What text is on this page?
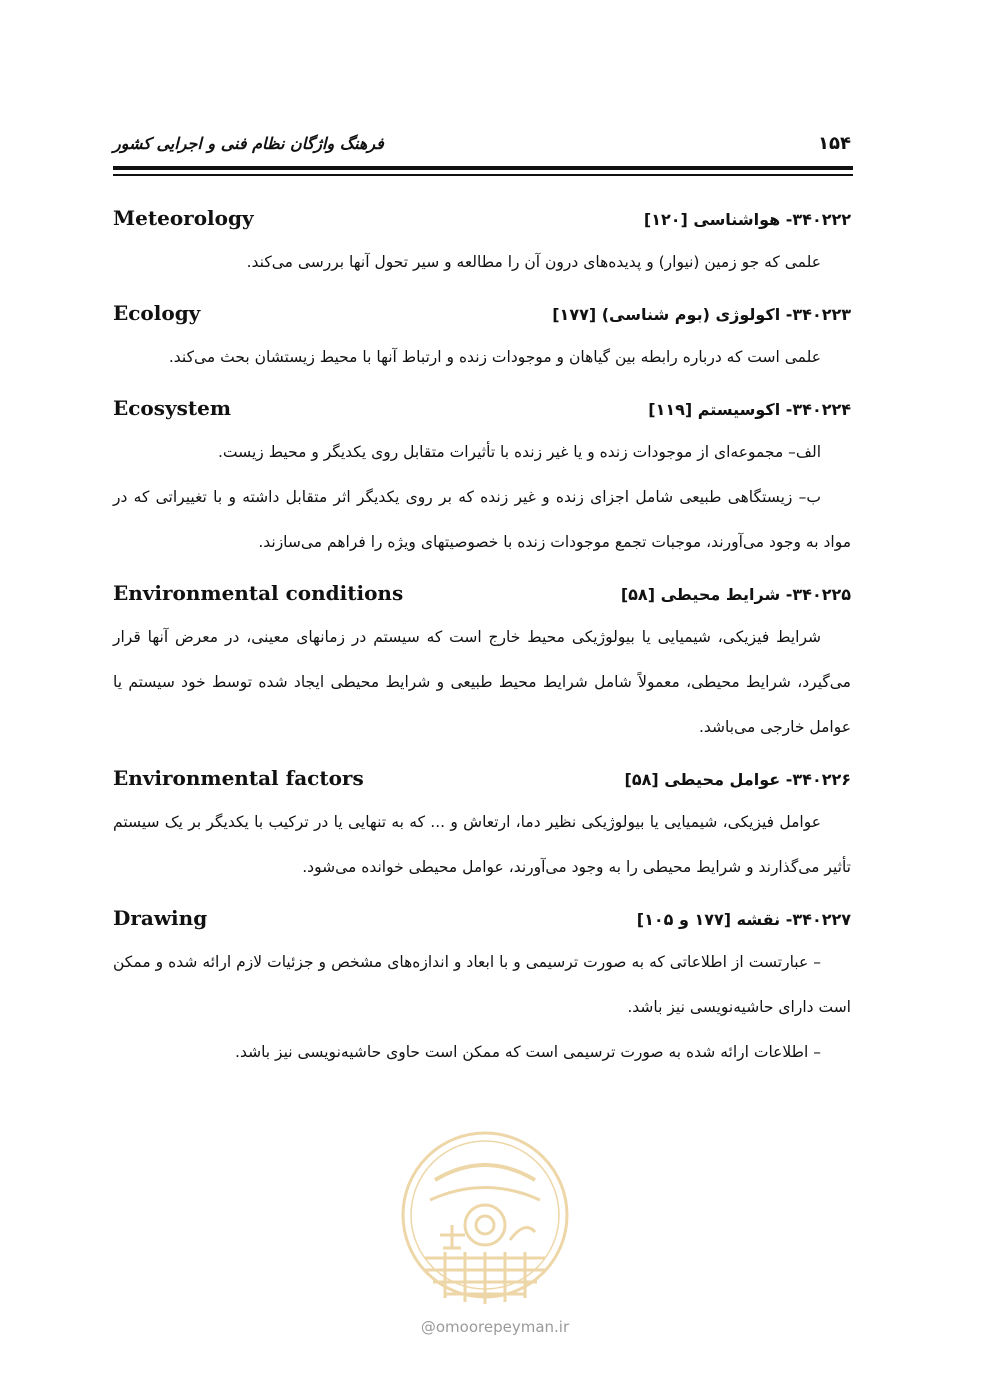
فرهنگ واژگان نظام فنی و اجرایی کشور	۱۵۴
Meteorology	۳۴۰۲۲۲- هواشناسی [۱۲۰]

علمی که جو زمین (نیوار) و پدیده‌های درون آن را مطالعه و سیر تحول آنها بررسی می‌کند.

Ecology	۳۴۰۲۲۳- اکولوژی (بوم شناسی) [۱۷۷]

علمی است که درباره رابطه بین گیاهان و موجودات زنده و ارتباط آنها با محیط زیستشان بحث می‌کند.

Ecosystem	۳۴۰۲۲۴- اکوسیستم [۱۱۹]

الف– مجموعه‌ای از موجودات زنده و یا غیر زنده با تأثیرات متقابل روی یکدیگر و محیط زیست.

ب– زیستگاهی طبیعی شامل اجزای زنده و غیر زنده که بر روی یکدیگر اثر متقابل داشته و با تغییراتی که در مواد به وجود می‌آورند، موجبات تجمع موجودات زنده با خصوصیتهای ویژه را فراهم می‌سازند.

Environmental conditions	۳۴۰۲۲۵- شرایط محیطی [۵۸]

شرایط فیزیکی، شیمیایی یا بیولوژیکی محیط خارج است که سیستم در زمانهای معینی، در معرض آنها قرار می‌گیرد، شرایط محیطی، معمولاً شامل شرایط محیط طبیعی و شرایط محیطی ایجاد شده توسط خود سیستم یا عوامل خارجی می‌باشد.

Environmental factors	۳۴۰۲۲۶- عوامل محیطی [۵۸]

عوامل فیزیکی، شیمیایی یا بیولوژیکی نظیر دما، ارتعاش و ... که به تنهایی یا در ترکیب با یکدیگر بر یک سیستم تأثیر می‌گذارند و شرایط محیطی را به وجود می‌آورند، عوامل محیطی خوانده می‌شود.

Drawing	۳۴۰۲۲۷- نقشه [۱۷۷ و ۱۰۵]

– عبارتست از اطلاعاتی که به صورت ترسیمی و با ابعاد و اندازه‌های مشخص و جزئیات لازم ارائه شده و ممکن است دارای حاشیه‌نویسی نیز باشد.

– اطلاعات ارائه شده به صورت ترسیمی است که ممکن است حاوی حاشیه‌نویسی نیز باشد.

@omoorepeyman.ir
